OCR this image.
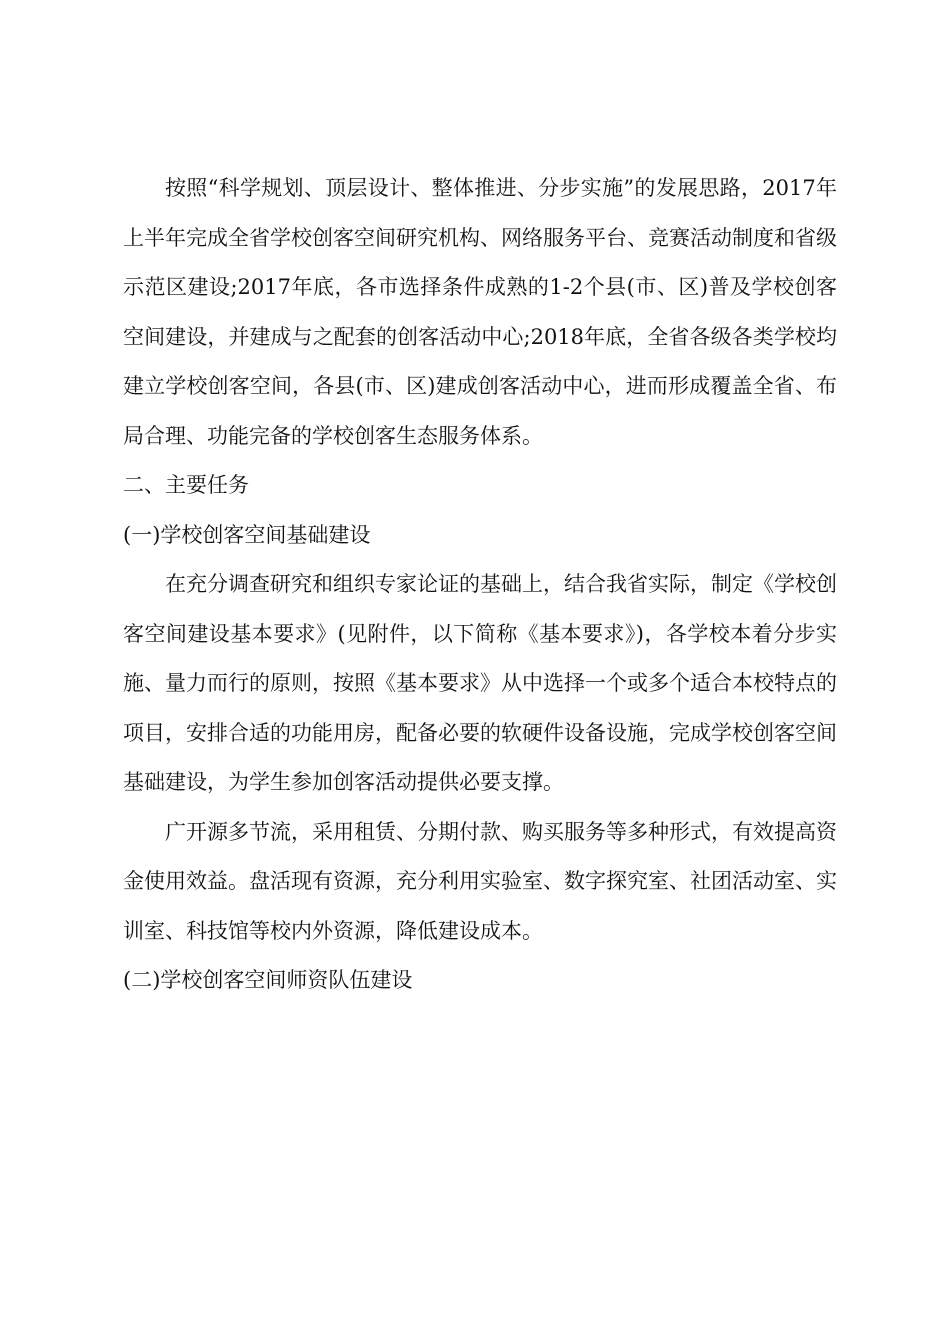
按照“科学规划、顶层设计、整体推进、分步实施”的发展思路，2017年上半年完成全省学校创客空间研究机构、网络服务平台、竞赛活动制度和省级示范区建设;2017年底，各市选择条件成熟的1-2个县(市、区)普及学校创客空间建设，并建成与之配套的创客活动中心;2018年底，全省各级各类学校均建立学校创客空间，各县(市、区)建成创客活动中心，进而形成覆盖全省、布局合理、功能完备的学校创客生态服务体系。

二、主要任务

(一)学校创客空间基础建设

在充分调查研究和组织专家论证的基础上，结合我省实际，制定《学校创客空间建设基本要求》(见附件，以下简称《基本要求》)，各学校本着分步实施、量力而行的原则，按照《基本要求》从中选择一个或多个适合本校特点的项目，安排合适的功能用房，配备必要的软硬件设备设施，完成学校创客空间基础建设，为学生参加创客活动提供必要支撑。

广开源多节流，采用租赁、分期付款、购买服务等多种形式，有效提高资金使用效益。盘活现有资源，充分利用实验室、数字探究室、社团活动室、实训室、科技馆等校内外资源，降低建设成本。

(二)学校创客空间师资队伍建设
